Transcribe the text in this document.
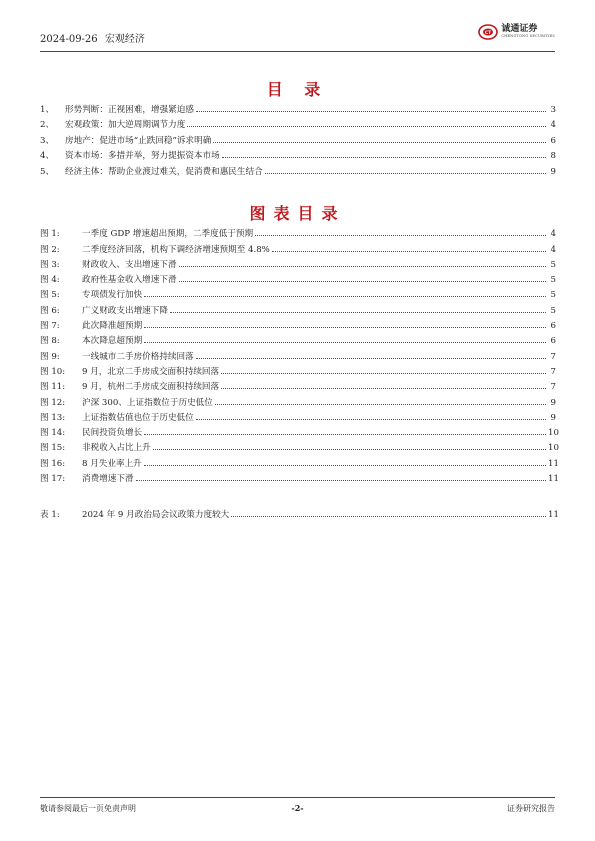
2024-09-26 宏观经济
CT 诚通证券
CHENGTONG SECURITIES
目 录
1、	形势判断：正视困难，增强紧迫感	3
2、	宏观政策：加大逆周期调节力度	4
3、	房地产：促进市场“止跌回稳”诉求明确	6
4、	资本市场：多措并举，努力提振资本市场	8
5、	经济主体：帮助企业渡过难关，促消费和惠民生结合	9
图表目录
图 1:	一季度 GDP 增速超出预期，二季度低于预期	4
图 2:	二季度经济回落，机构下调经济增速预期至 4.8%	4
图 3:	财政收入、支出增速下滑	5
图 4:	政府性基金收入增速下滑	5
图 5:	专项债发行加快	5
图 6:	广义财政支出增速下降	5
图 7:	此次降准超预期	6
图 8:	本次降息超预期	6
图 9:	一线城市二手房价格持续回落	7
图 10:	9 月，北京二手房成交面积持续回落	7
图 11:	9 月，杭州二手房成交面积持续回落	7
图 12:	沪深 300、上证指数位于历史低位	9
图 13:	上证指数估值也位于历史低位	9
图 14:	民间投资负增长	10
图 15:	非税收入占比上升	10
图 16:	8 月失业率上升	11
图 17:	消费增速下滑	11
表 1:	2024 年 9 月政治局会议政策力度较大	11
敬请参阅最后一页免责声明	-2-	证券研究报告
